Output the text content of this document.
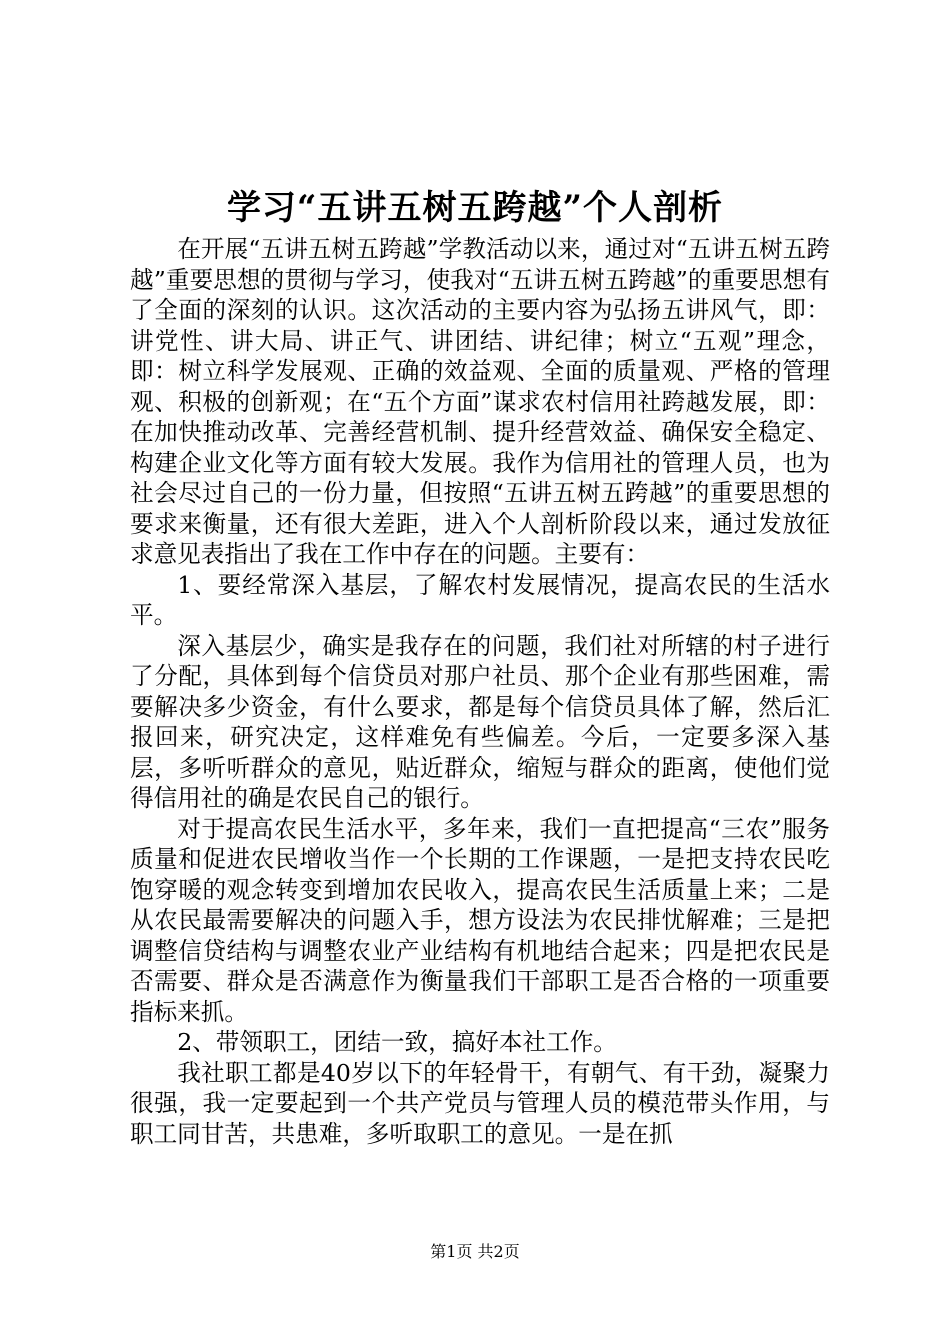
学习“五讲五树五跨越”个人剖析

在开展“五讲五树五跨越”学教活动以来，通过对“五讲五树五跨越”重要思想的贯彻与学习，使我对“五讲五树五跨越”的重要思想有了全面的深刻的认识。这次活动的主要内容为弘扬五讲风气，即：讲党性、讲大局、讲正气、讲团结、讲纪律；树立“五观”理念，即：树立科学发展观、正确的效益观、全面的质量观、严格的管理观、积极的创新观；在“五个方面”谋求农村信用社跨越发展，即：在加快推动改革、完善经营机制、提升经营效益、确保安全稳定、构建企业文化等方面有较大发展。我作为信用社的管理人员，也为社会尽过自己的一份力量，但按照“五讲五树五跨越”的重要思想的要求来衡量，还有很大差距，进入个人剖析阶段以来，通过发放征求意见表指出了我在工作中存在的问题。主要有：

1、要经常深入基层，了解农村发展情况，提高农民的生活水平。

深入基层少，确实是我存在的问题，我们社对所辖的村子进行了分配，具体到每个信贷员对那户社员、那个企业有那些困难，需要解决多少资金，有什么要求，都是每个信贷员具体了解，然后汇报回来，研究决定，这样难免有些偏差。今后，一定要多深入基层，多听听群众的意见，贴近群众，缩短与群众的距离，使他们觉得信用社的确是农民自己的银行。

对于提高农民生活水平，多年来，我们一直把提高“三农”服务质量和促进农民增收当作一个长期的工作课题，一是把支持农民吃饱穿暖的观念转变到增加农民收入，提高农民生活质量上来；二是从农民最需要解决的问题入手，想方设法为农民排忧解难；三是把调整信贷结构与调整农业产业结构有机地结合起来；四是把农民是否需要、群众是否满意作为衡量我们干部职工是否合格的一项重要指标来抓。

2、带领职工，团结一致，搞好本社工作。

我社职工都是40岁以下的年轻骨干，有朝气、有干劲，凝聚力很强，我一定要起到一个共产党员与管理人员的模范带头作用，与职工同甘苦，共患难，多听取职工的意见。一是在抓

第1页 共2页
